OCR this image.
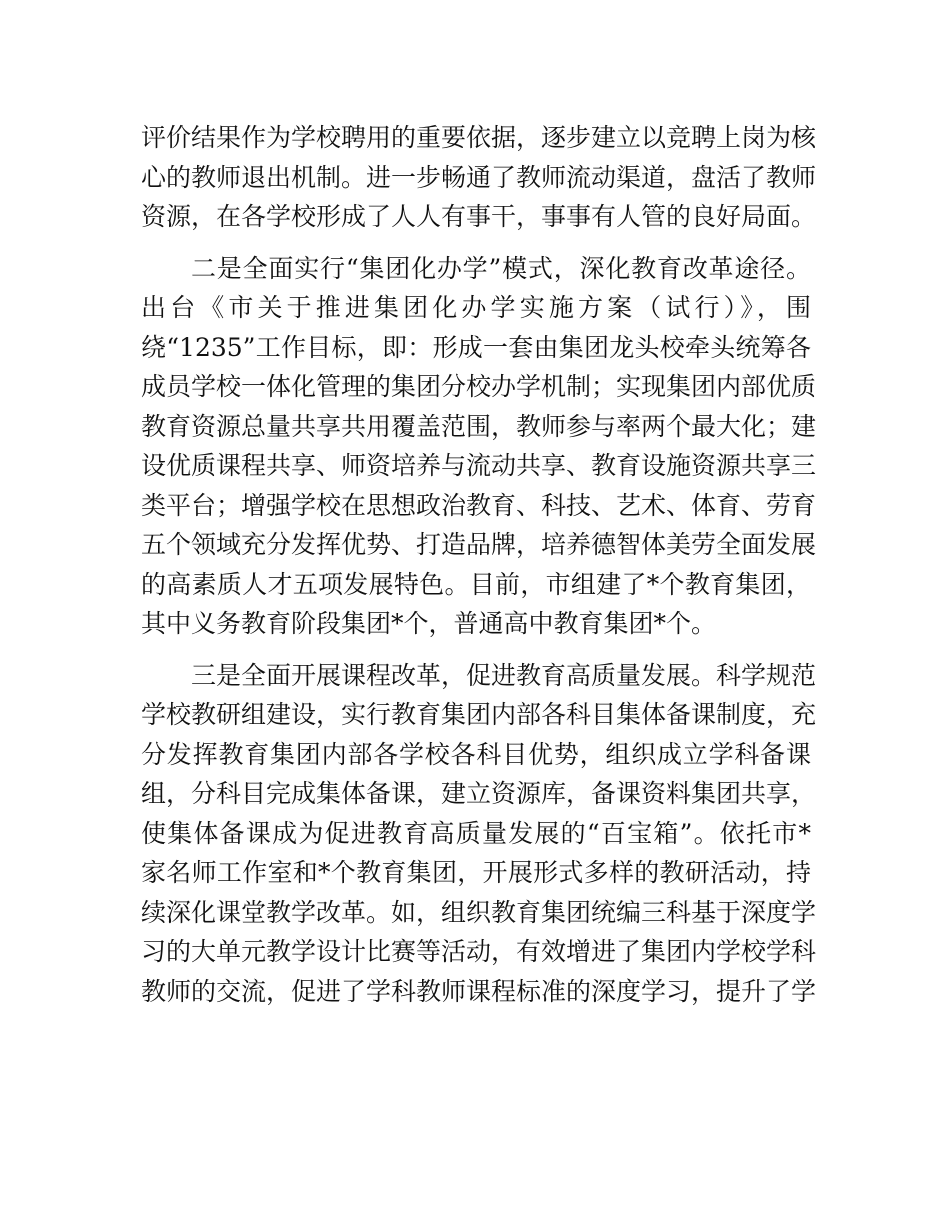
评价结果作为学校聘用的重要依据，逐步建立以竞聘上岗为核
心的教师退出机制。进一步畅通了教师流动渠道，盘活了教师
资源，在各学校形成了人人有事干，事事有人管的良好局面。
二是全面实行“集团化办学”模式，深化教育改革途径。
出台《市关于推进集团化办学实施方案（试行）》，围
绕“1235”工作目标，即：形成一套由集团龙头校牵头统筹各
成员学校一体化管理的集团分校办学机制；实现集团内部优质
教育资源总量共享共用覆盖范围，教师参与率两个最大化；建
设优质课程共享、师资培养与流动共享、教育设施资源共享三
类平台；增强学校在思想政治教育、科技、艺术、体育、劳育
五个领域充分发挥优势、打造品牌，培养德智体美劳全面发展
的高素质人才五项发展特色。目前，市组建了*个教育集团，
其中义务教育阶段集团*个，普通高中教育集团*个。
三是全面开展课程改革，促进教育高质量发展。科学规范
学校教研组建设，实行教育集团内部各科目集体备课制度，充
分发挥教育集团内部各学校各科目优势，组织成立学科备课
组，分科目完成集体备课，建立资源库，备课资料集团共享，
使集体备课成为促进教育高质量发展的“百宝箱”。依托市*
家名师工作室和*个教育集团，开展形式多样的教研活动，持
续深化课堂教学改革。如，组织教育集团统编三科基于深度学
习的大单元教学设计比赛等活动，有效增进了集团内学校学科
教师的交流，促进了学科教师课程标准的深度学习，提升了学
